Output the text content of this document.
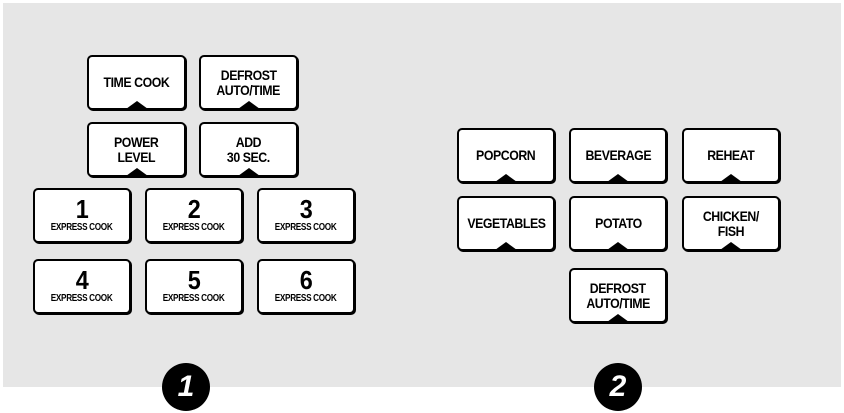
TIME COOK	DEFROST
AUTO/TIME
POWER
LEVEL
ADD
30 SEC.
1
EXPRESS COOK
2
EXPRESS COOK
3
EXPRESS COOK
4
EXPRESS COOK
5
EXPRESS COOK
6
EXPRESS COOK
1
POPCORN	BEVERAGE	REHEAT
VEGETABLES	POTATO	CHICKEN/
FISH
DEFROST
AUTO/TIME
2
